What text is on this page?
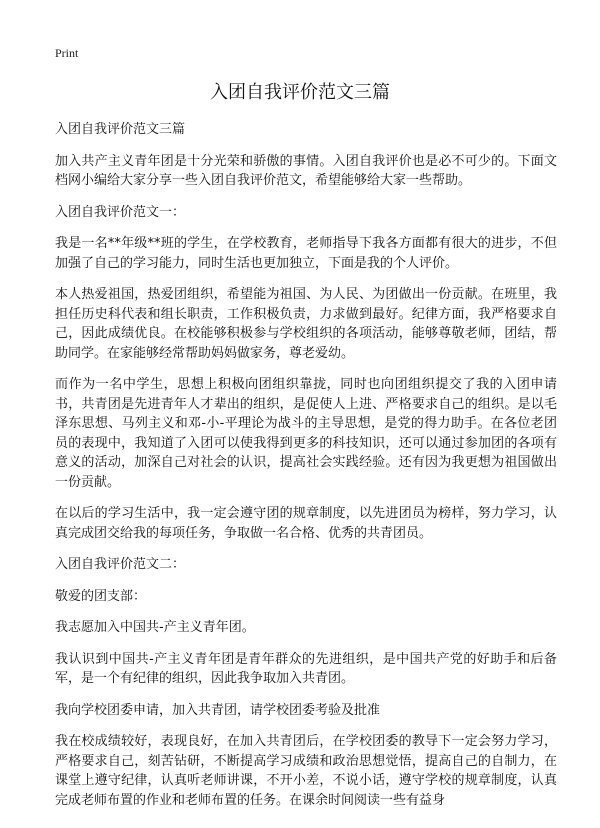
Print
入团自我评价范文三篇

入团自我评价范文三篇

加入共产主义青年团是十分光荣和骄傲的事情。入团自我评价也是必不可少的。下面文档网小编给大家分享一些入团自我评价范文，希望能够给大家一些帮助。

入团自我评价范文一：

我是一名**年级**班的学生，在学校教育，老师指导下我各方面都有很大的进步，不但加强了自己的学习能力，同时生活也更加独立，下面是我的个人评价。

本人热爱祖国，热爱团组织，希望能为祖国、为人民、为团做出一份贡献。在班里，我担任历史科代表和组长职责，工作积极负责，力求做到最好。纪律方面，我严格要求自己，因此成绩优良。在校能够积极参与学校组织的各项活动，能够尊敬老师，团结，帮助同学。在家能够经常帮助妈妈做家务，尊老爱幼。

而作为一名中学生，思想上积极向团组织靠拢，同时也向团组织提交了我的入团申请书，共青团是先进青年人才辈出的组织，是促使人上进、严格要求自己的组织。是以毛泽东思想、马列主义和邓-小-平理论为战斗的主导思想，是党的得力助手。在各位老团员的表现中，我知道了入团可以使我得到更多的科技知识，还可以通过参加团的各项有意义的活动，加深自己对社会的认识，提高社会实践经验。还有因为我更想为祖国做出一份贡献。

在以后的学习生活中，我一定会遵守团的规章制度，以先进团员为榜样，努力学习，认真完成团交给我的每项任务，争取做一名合格、优秀的共青团员。

入团自我评价范文二：

敬爱的团支部：

我志愿加入中国共-产主义青年团。

我认识到中国共-产主义青年团是青年群众的先进组织，是中国共产党的好助手和后备军，是一个有纪律的组织，因此我争取加入共青团。

我向学校团委申请，加入共青团，请学校团委考验及批准

我在校成绩较好，表现良好，在加入共青团后，在学校团委的教导下一定会努力学习，严格要求自己，刻苦钻研，不断提高学习成绩和政治思想觉悟，提高自己的自制力，在课堂上遵守纪律，认真听老师讲课，不开小差，不说小话，遵守学校的规章制度，认真完成老师布置的作业和老师布置的任务。在课余时间阅读一些有益身
